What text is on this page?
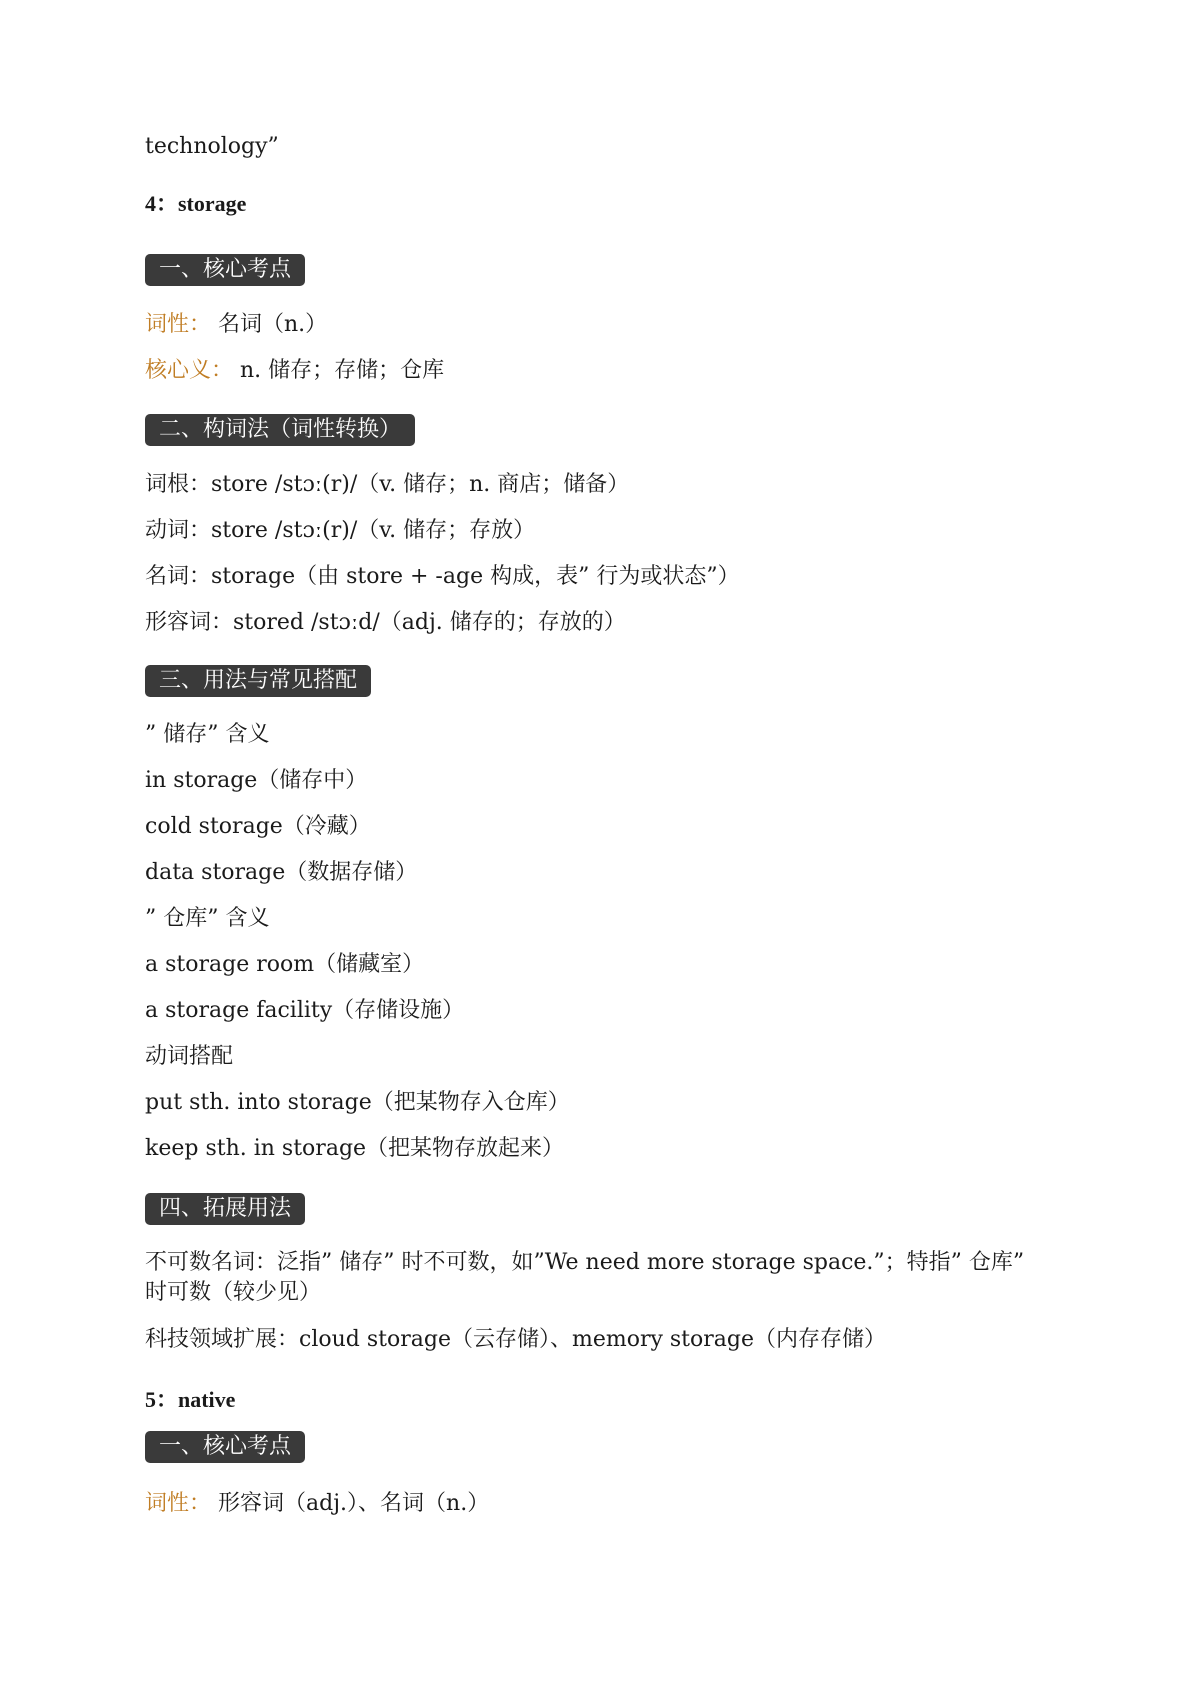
technology”
4：storage
一、核心考点
词性： 名词（n.）
核心义： n. 储存；存储；仓库
二、构词法（词性转换）
词根：store /stɔː(r)/（v. 储存；n. 商店；储备）
动词：store /stɔː(r)/（v. 储存；存放）
名词：storage（由 store + -age 构成，表” 行为或状态”）
形容词：stored /stɔːd/（adj. 储存的；存放的）
三、用法与常见搭配
” 储存” 含义
in storage（储存中）
cold storage（冷藏）
data storage（数据存储）
” 仓库” 含义
a storage room（储藏室）
a storage facility（存储设施）
动词搭配
put sth. into storage（把某物存入仓库）
keep sth. in storage（把某物存放起来）
四、拓展用法
不可数名词：泛指” 储存” 时不可数，如”We need more storage space.”；特指” 仓库” 时可数（较少见）
科技领域扩展：cloud storage（云存储）、memory storage（内存存储）
5：native
一、核心考点
词性： 形容词（adj.）、名词（n.）
